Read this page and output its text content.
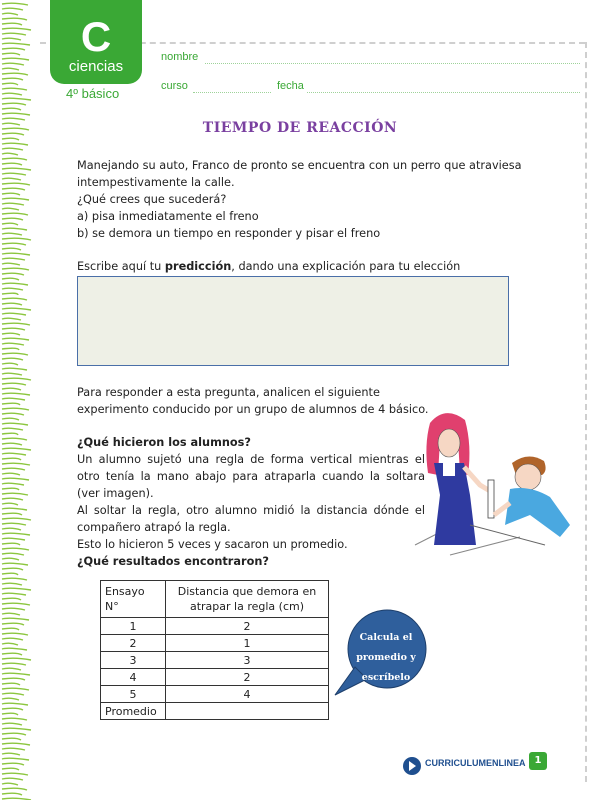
C
ciencias
4º básico
nombre
curso	fecha
TIEMPO DE REACCIÓN
Manejando su auto, Franco de pronto se encuentra con un perro que atraviesa
intempestivamente la calle.
¿Qué crees que sucederá?
a) pisa inmediatamente el freno
b) se demora un tiempo en responder y pisar el freno
Escribe aquí tu predicción, dando una explicación para tu elección
Para responder a esta pregunta, analicen el siguiente
experimento conducido por un grupo de alumnos de 4 básico.
¿Qué hicieron los alumnos?
Un alumno sujetó una regla de forma vertical mientras el otro tenía la mano abajo para atraparla cuando la soltara (ver imagen).
Al soltar la regla, otro alumno midió la distancia dónde el compañero atrapó la regla.
Esto lo hicieron 5 veces y sacaron un promedio.
¿Qué resultados encontraron?
Ensayo N°	Distancia que demora en atrapar la regla (cm)
1	2
2	1
3	3
4	2
5	4
Promedio	
Calcula el
promedio y
escríbelo
CURRICULUMENLINEA 1
